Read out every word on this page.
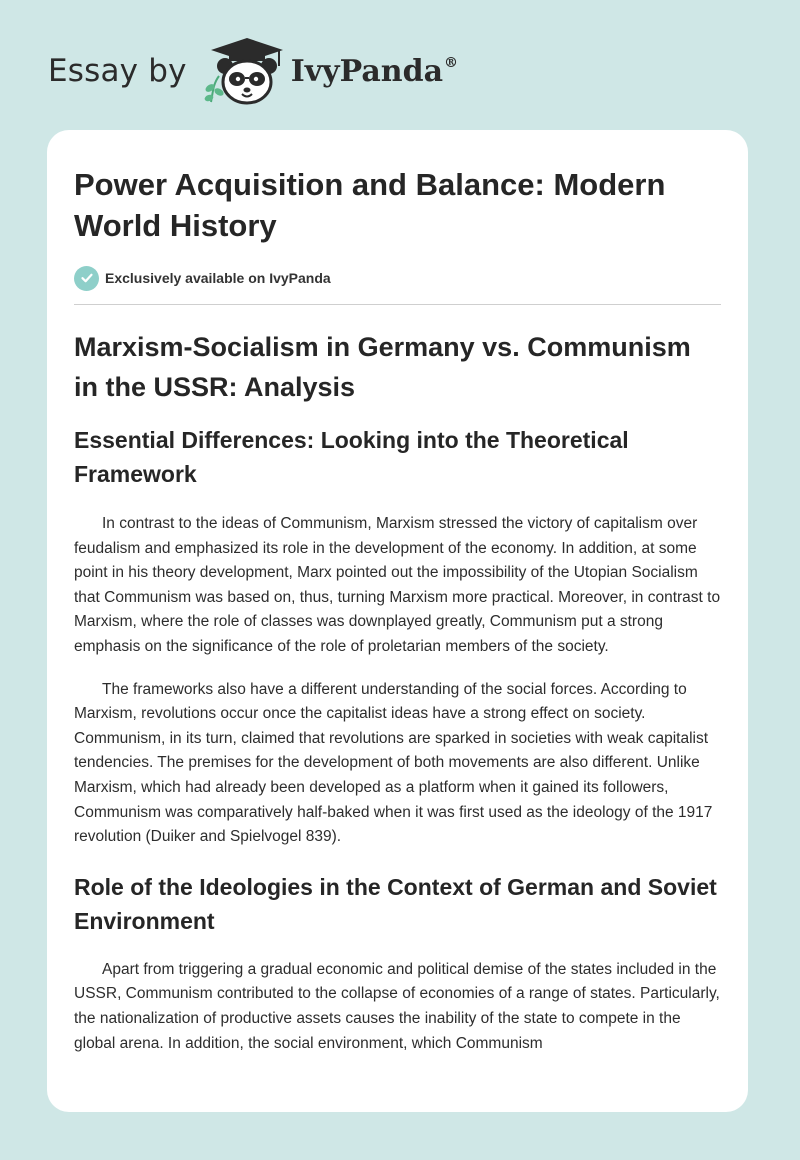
Essay by	IvyPanda®
Power Acquisition and Balance: Modern World History
Exclusively available on IvyPanda
Marxism-Socialism in Germany vs. Communism in the USSR: Analysis
Essential Differences: Looking into the Theoretical Framework

In contrast to the ideas of Communism, Marxism stressed the victory of capitalism over feudalism and emphasized its role in the development of the economy. In addition, at some point in his theory development, Marx pointed out the impossibility of the Utopian Socialism that Communism was based on, thus, turning Marxism more practical. Moreover, in contrast to Marxism, where the role of classes was downplayed greatly, Communism put a strong emphasis on the significance of the role of proletarian members of the society.

The frameworks also have a different understanding of the social forces. According to Marxism, revolutions occur once the capitalist ideas have a strong effect on society. Communism, in its turn, claimed that revolutions are sparked in societies with weak capitalist tendencies. The premises for the development of both movements are also different. Unlike Marxism, which had already been developed as a platform when it gained its followers, Communism was comparatively half-baked when it was first used as the ideology of the 1917 revolution (Duiker and Spielvogel 839).

Role of the Ideologies in the Context of German and Soviet Environment

Apart from triggering a gradual economic and political demise of the states included in the USSR, Communism contributed to the collapse of economies of a range of states. Particularly, the nationalization of productive assets causes the inability of the state to compete in the global arena. In addition, the social environment, which Communism
